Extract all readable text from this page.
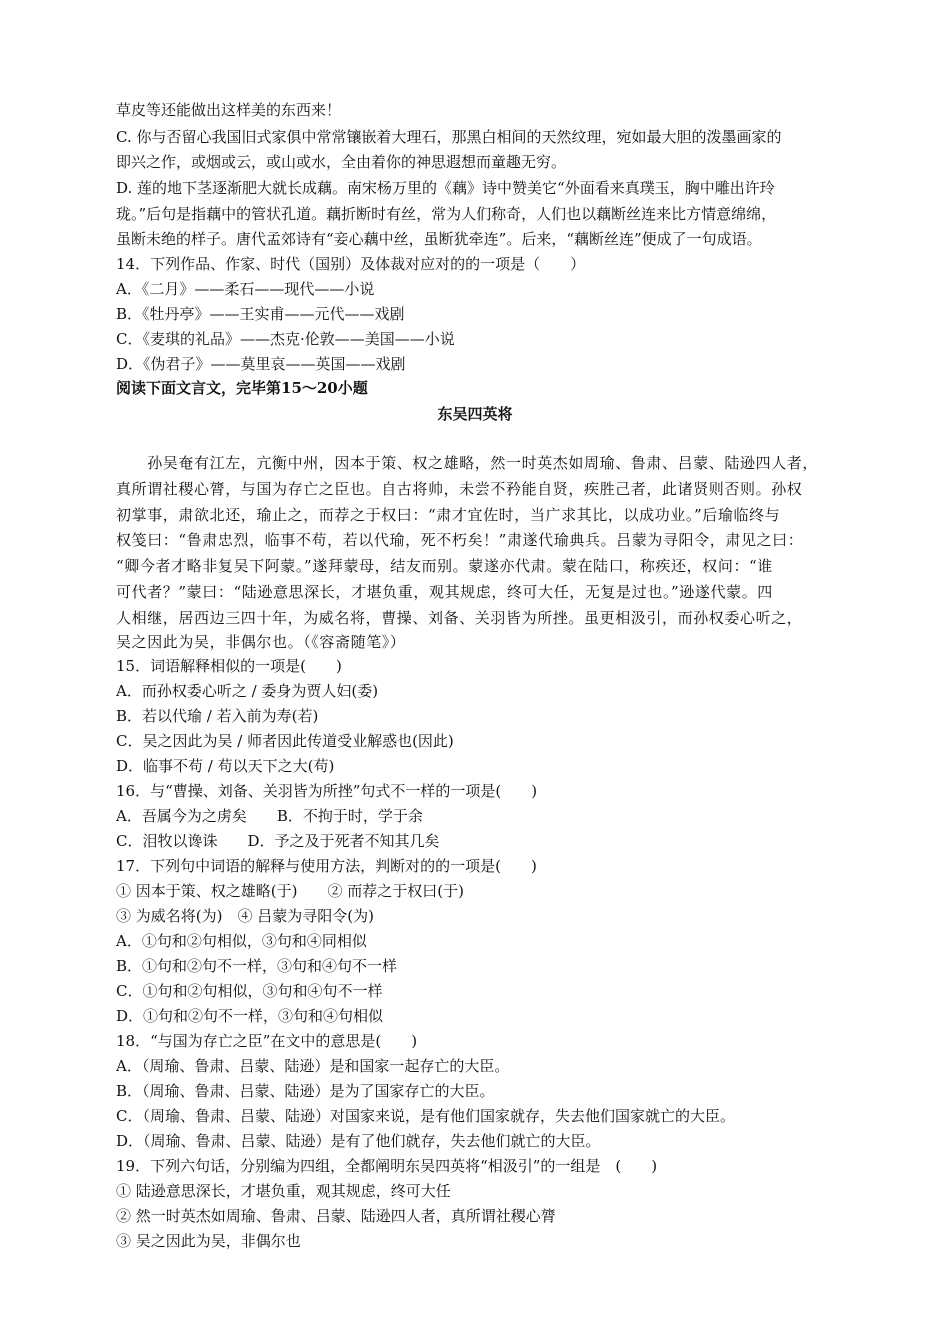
草皮等还能做出这样美的东西来！
C. 你与否留心我国旧式家俱中常常镶嵌着大理石，那黑白相间的天然纹理，宛如最大胆的泼墨画家的
即兴之作，或烟或云，或山或水，全由着你的神思遐想而童趣无穷。
D. 莲的地下茎逐渐肥大就长成藕。南宋杨万里的《藕》诗中赞美它“外面看来真璞玉，胸中雕出许玲
珑。”后句是指藕中的管状孔道。藕折断时有丝，常为人们称奇，人们也以藕断丝连来比方情意绵绵，
虽断未绝的样子。唐代孟郊诗有“妾心藕中丝，虽断犹牵连”。后来，“藕断丝连”便成了一句成语。
14．下列作品、作家、时代（国别）及体裁对应对的的一项是（　　）
A．《二月》——柔石——现代——小说
B．《牡丹亭》——王实甫——元代——戏剧
C．《麦琪的礼品》——杰克·伦敦——美国——小说
D．《伪君子》——莫里哀——英国——戏剧
阅读下面文言文，完毕第15～20小题
东吴四英将
　　孙吴奄有江左，亢衡中州，因本于策、权之雄略，然一时英杰如周瑜、鲁肃、吕蒙、陆逊四人者，
真所谓社稷心膂，与国为存亡之臣也。自古将帅，未尝不矜能自贤，疾胜己者，此诸贤则否则。孙权
初掌事，肃欲北还，瑜止之，而荐之于权曰：“肃才宜佐时，当广求其比，以成功业。”后瑜临终与
权笺曰：“鲁肃忠烈，临事不苟，若以代瑜，死不朽矣！”肃遂代瑜典兵。吕蒙为寻阳令，肃见之曰：
“卿今者才略非复吴下阿蒙。”遂拜蒙母，结友而别。蒙遂亦代肃。蒙在陆口，称疾还，权问：“谁
可代者？”蒙曰：“陆逊意思深长，才堪负重，观其规虑，终可大任，无复是过也。”逊遂代蒙。四
人相继，居西边三四十年，为威名将，曹操、刘备、关羽皆为所挫。虽更相汲引，而孙权委心听之，
吴之因此为吴，非偶尔也。（《容斋随笔》）
15．词语解释相似的一项是(　　)
A．而孙权委心听之 / 委身为贾人妇(委)
B．若以代瑜 / 若入前为寿(若)
C．吴之因此为吴 / 师者因此传道受业解惑也(因此)
D．临事不苟 / 苟以天下之大(苟)
16．与“曹操、刘备、关羽皆为所挫”句式不一样的一项是(　　)
A．吾属今为之虏矣　　B．不拘于时，学于余
C．泪牧以谗诛　　D．予之及于死者不知其几矣
17．下列句中词语的解释与使用方法，判断对的的一项是(　　)
① 因本于策、权之雄略(于)　　② 而荐之于权曰(于)
③ 为威名将(为)　④ 吕蒙为寻阳令(为)
A．①句和②句相似，③句和④同相似
B．①句和②句不一样，③句和④句不一样
C．①句和②句相似，③句和④句不一样
D．①句和②句不一样，③句和④句相似
18．“与国为存亡之臣”在文中的意思是(　　)
A．（周瑜、鲁肃、吕蒙、陆逊）是和国家一起存亡的大臣。
B．（周瑜、鲁肃、吕蒙、陆逊）是为了国家存亡的大臣。
C．（周瑜、鲁肃、吕蒙、陆逊）对国家来说，是有他们国家就存，失去他们国家就亡的大臣。
D．（周瑜、鲁肃、吕蒙、陆逊）是有了他们就存，失去他们就亡的大臣。
19．下列六句话，分别编为四组，全都阐明东吴四英将“相汲引”的一组是　(　　)
① 陆逊意思深长，才堪负重，观其规虑，终可大任
② 然一时英杰如周瑜、鲁肃、吕蒙、陆逊四人者，真所谓社稷心膂
③ 吴之因此为吴，非偶尔也
